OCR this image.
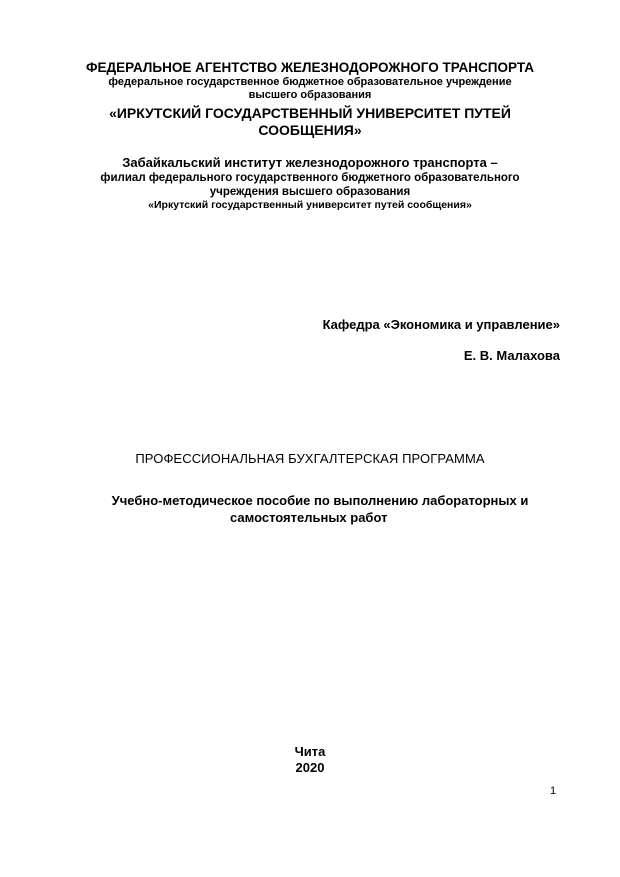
ФЕДЕРАЛЬНОЕ АГЕНТСТВО ЖЕЛЕЗНОДОРОЖНОГО ТРАНСПОРТА
федеральное государственное бюджетное образовательное учреждение
высшего образования
«ИРКУТСКИЙ ГОСУДАРСТВЕННЫЙ УНИВЕРСИТЕТ ПУТЕЙ
СООБЩЕНИЯ»
Забайкальский институт железнодорожного транспорта –
филиал федерального государственного бюджетного образовательного
учреждения высшего образования
«Иркутский государственный университет путей сообщения»
Кафедра «Экономика и управление»
Е. В. Малахова
ПРОФЕССИОНАЛЬНАЯ БУХГАЛТЕРСКАЯ ПРОГРАММА
Учебно-методическое пособие по выполнению лабораторных и
самостоятельных работ
Чита
2020
1
